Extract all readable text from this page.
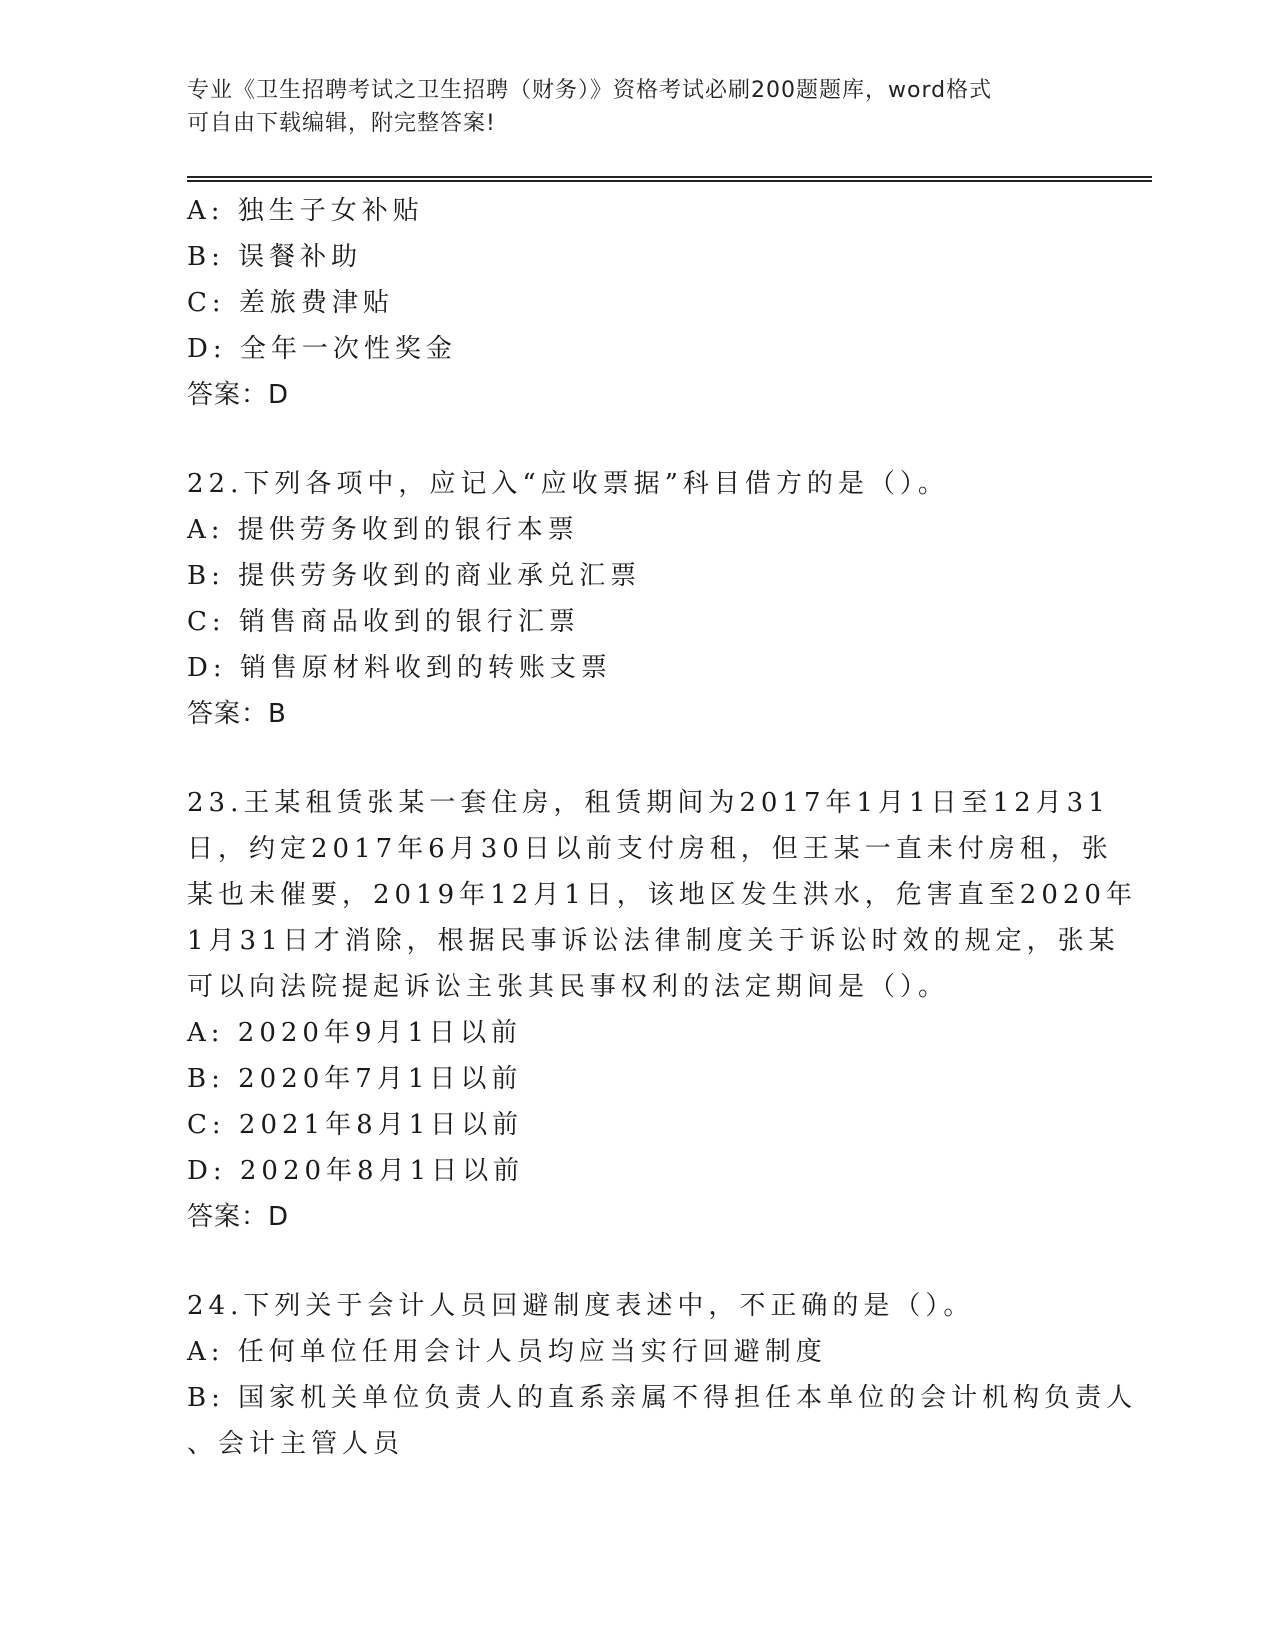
专业《卫生招聘考试之卫生招聘（财务）》资格考试必刷200题题库，word格式
可自由下载编辑，附完整答案!
A: 独生子女补贴
B: 误餐补助
C: 差旅费津贴
D: 全年一次性奖金
答案：D
22.下列各项中，应记入“应收票据”科目借方的是（）。
A: 提供劳务收到的银行本票
B: 提供劳务收到的商业承兑汇票
C: 销售商品收到的银行汇票
D: 销售原材料收到的转账支票
答案：B
23.王某租赁张某一套住房，租赁期间为2017年1月1日至12月31
日，约定2017年6月30日以前支付房租，但王某一直未付房租，张
某也未催要，2019年12月1日，该地区发生洪水，危害直至2020年
1月31日才消除，根据民事诉讼法律制度关于诉讼时效的规定，张某
可以向法院提起诉讼主张其民事权利的法定期间是（）。
A: 2020年9月1日以前
B: 2020年7月1日以前
C: 2021年8月1日以前
D: 2020年8月1日以前
答案：D
24.下列关于会计人员回避制度表述中，不正确的是（）。
A: 任何单位任用会计人员均应当实行回避制度
B: 国家机关单位负责人的直系亲属不得担任本单位的会计机构负责人
、会计主管人员
